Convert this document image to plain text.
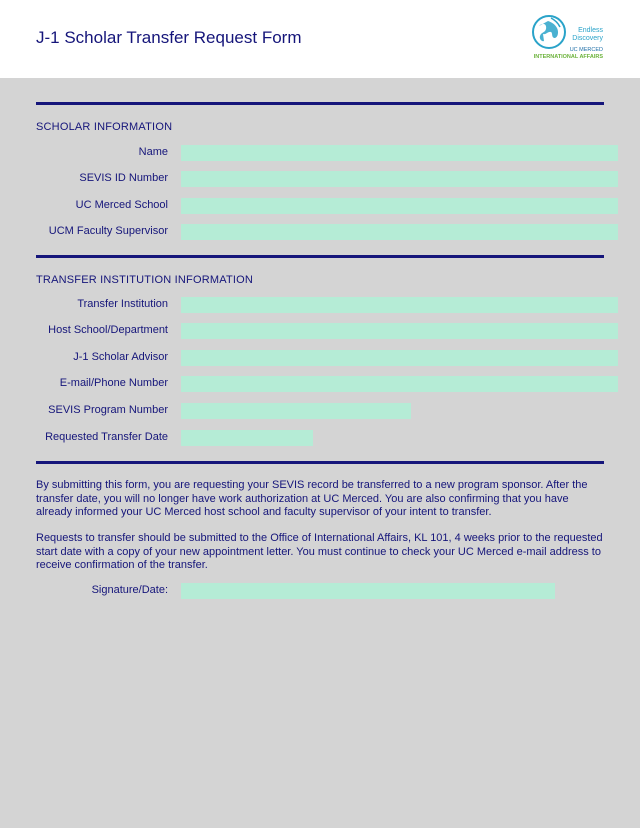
J-1 Scholar Transfer Request Form	Endless
Discovery
UC MERCED
INTERNATIONAL AFFAIRS
SCHOLAR INFORMATION
Name
SEVIS ID Number
UC Merced School
UCM Faculty Supervisor
TRANSFER INSTITUTION INFORMATION
Transfer Institution
Host School/Department
J-1 Scholar Advisor
E-mail/Phone Number
SEVIS Program Number
Requested Transfer Date
By submitting this form, you are requesting your SEVIS record be transferred to a new program sponsor. After the transfer date, you will no longer have work authorization at UC Merced. You are also confirming that you have already informed your UC Merced host school and faculty supervisor of your intent to transfer.
Requests to transfer should be submitted to the Office of International Affairs, KL 101, 4 weeks prior to the requested start date with a copy of your new appointment letter. You must continue to check your UC Merced e-mail address to receive confirmation of the transfer.
Signature/Date:
